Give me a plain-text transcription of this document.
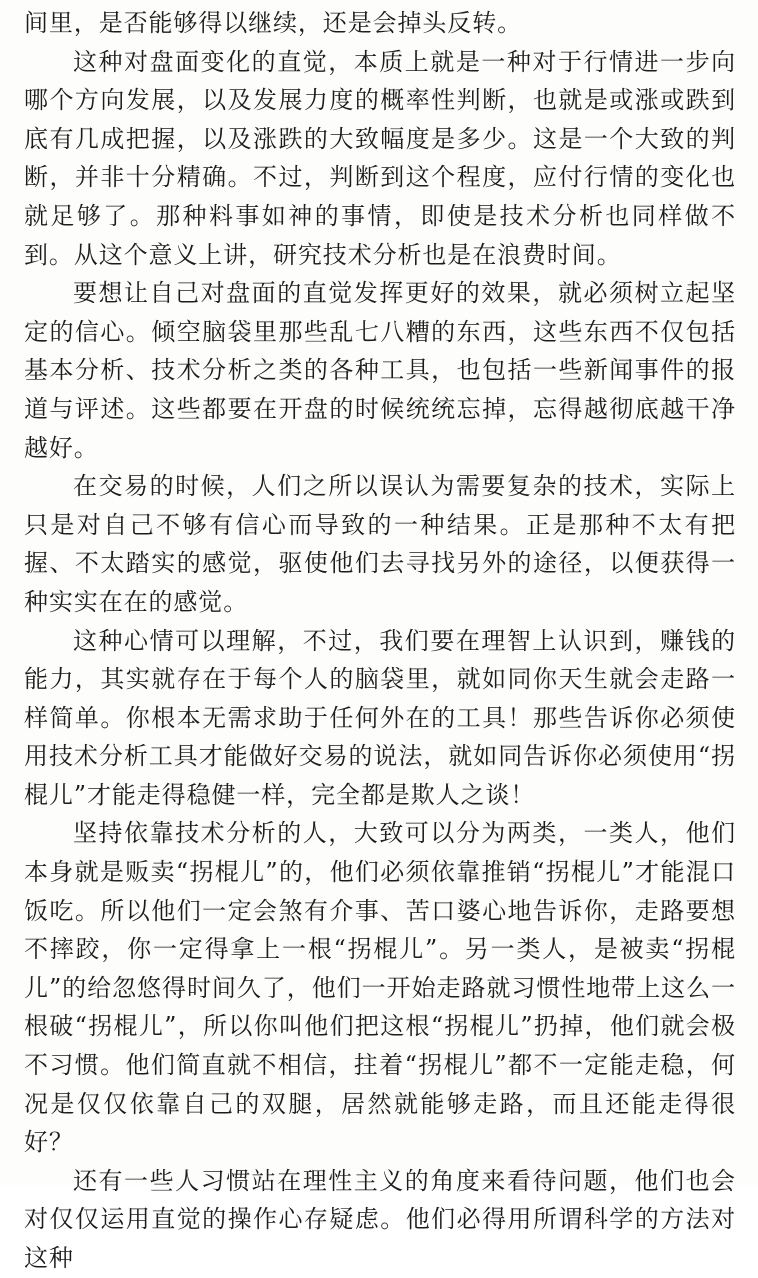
间里，是否能够得以继续，还是会掉头反转。

这种对盘面变化的直觉，本质上就是一种对于行情进一步向哪个方向发展，以及发展力度的概率性判断，也就是或涨或跌到底有几成把握，以及涨跌的大致幅度是多少。这是一个大致的判断，并非十分精确。不过，判断到这个程度，应付行情的变化也就足够了。那种料事如神的事情，即使是技术分析也同样做不到。从这个意义上讲，研究技术分析也是在浪费时间。

要想让自己对盘面的直觉发挥更好的效果，就必须树立起坚定的信心。倾空脑袋里那些乱七八糟的东西，这些东西不仅包括基本分析、技术分析之类的各种工具，也包括一些新闻事件的报道与评述。这些都要在开盘的时候统统忘掉，忘得越彻底越干净越好。

在交易的时候，人们之所以误认为需要复杂的技术，实际上只是对自己不够有信心而导致的一种结果。正是那种不太有把握、不太踏实的感觉，驱使他们去寻找另外的途径，以便获得一种实实在在的感觉。

这种心情可以理解，不过，我们要在理智上认识到，赚钱的能力，其实就存在于每个人的脑袋里，就如同你天生就会走路一样简单。你根本无需求助于任何外在的工具！那些告诉你必须使用技术分析工具才能做好交易的说法，就如同告诉你必须使用“拐棍儿”才能走得稳健一样，完全都是欺人之谈！

坚持依靠技术分析的人，大致可以分为两类，一类人，他们本身就是贩卖“拐棍儿”的，他们必须依靠推销“拐棍儿”才能混口饭吃。所以他们一定会煞有介事、苦口婆心地告诉你，走路要想不摔跤，你一定得拿上一根“拐棍儿”。另一类人，是被卖“拐棍儿”的给忽悠得时间久了，他们一开始走路就习惯性地带上这么一根破“拐棍儿”，所以你叫他们把这根“拐棍儿”扔掉，他们就会极不习惯。他们简直就不相信，拄着“拐棍儿”都不一定能走稳，何况是仅仅依靠自己的双腿，居然就能够走路，而且还能走得很好？

还有一些人习惯站在理性主义的角度来看待问题，他们也会对仅仅运用直觉的操作心存疑虑。他们必得用所谓科学的方法对这种
